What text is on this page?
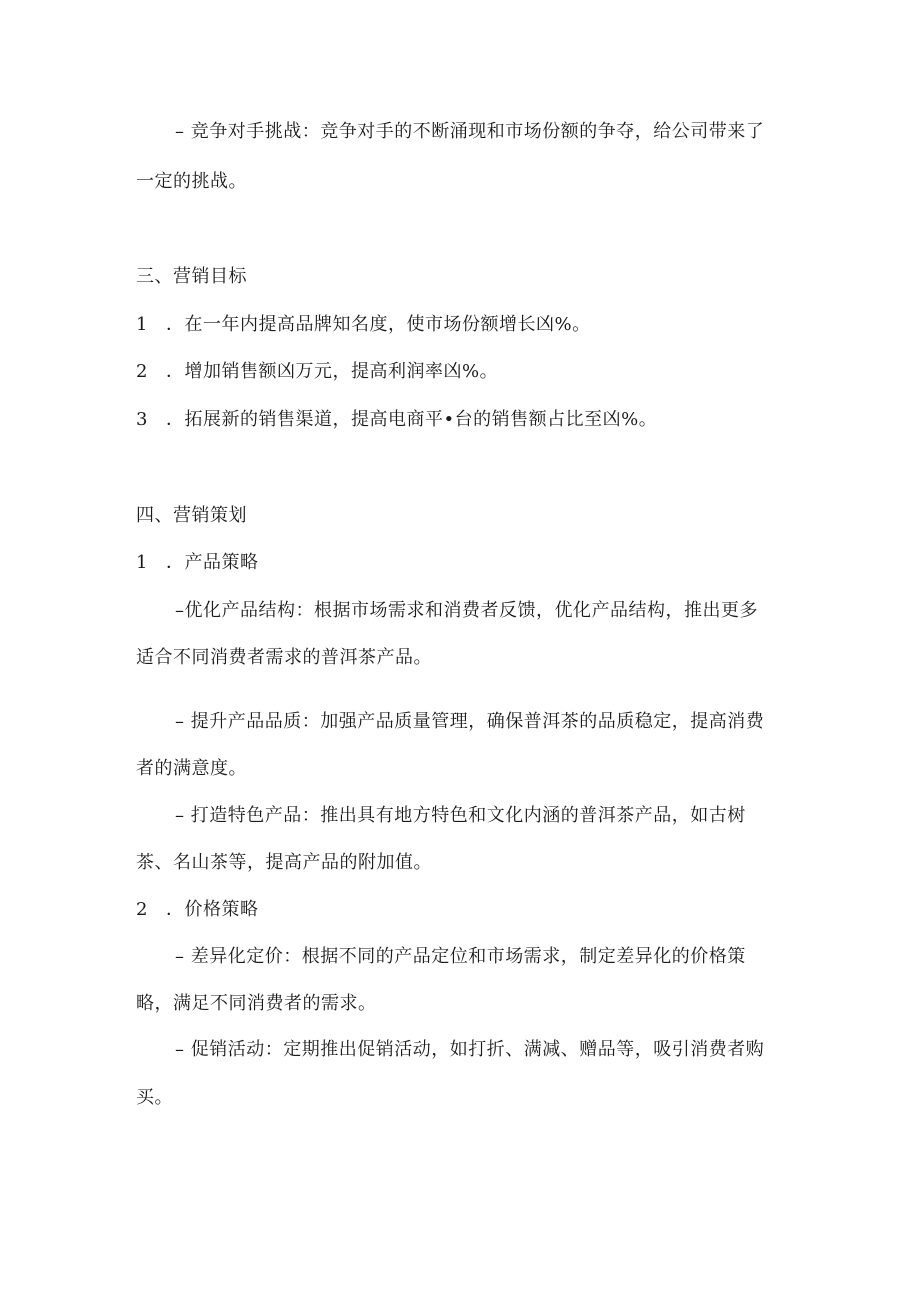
– 竞争对手挑战：竞争对手的不断涌现和市场份额的争夺，给公司带来了
一定的挑战。
三、营销目标
1 ．在一年内提高品牌知名度，使市场份额增长凶%。
2 ．增加销售额凶万元，提高利润率凶%。
3 ．拓展新的销售渠道，提高电商平•台的销售额占比至凶%。
四、营销策划
1 ．产品策略
–优化产品结构：根据市场需求和消费者反馈，优化产品结构，推出更多
适合不同消费者需求的普洱茶产品。
– 提升产品品质：加强产品质量管理，确保普洱茶的品质稳定，提高消费
者的满意度。
– 打造特色产品：推出具有地方特色和文化内涵的普洱茶产品，如古树
茶、名山茶等，提高产品的附加值。
2 ．价格策略
– 差异化定价：根据不同的产品定位和市场需求，制定差异化的价格策
略，满足不同消费者的需求。
– 促销活动：定期推出促销活动，如打折、满减、赠品等，吸引消费者购
买。
